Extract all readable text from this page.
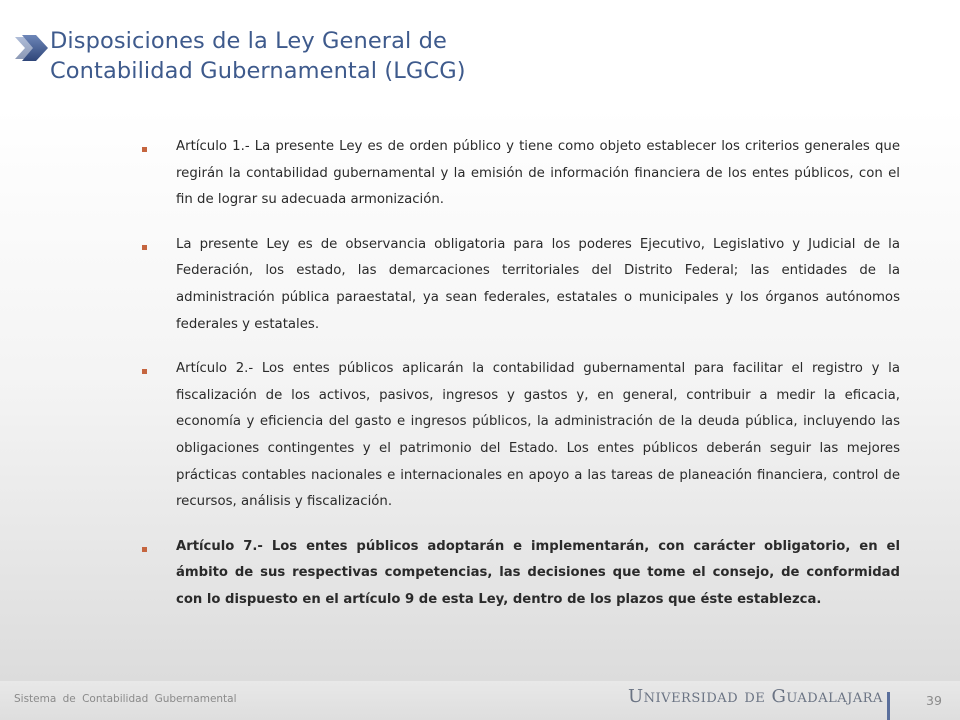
Disposiciones de la Ley General de
Contabilidad Gubernamental (LGCG)
Artículo 1.- La presente Ley es de orden público y tiene como objeto establecer los criterios generales que regirán la contabilidad gubernamental y la emisión de información financiera de los entes públicos, con el fin de lograr su adecuada armonización.
La presente Ley es de observancia obligatoria para los poderes Ejecutivo, Legislativo y Judicial de la Federación, los estado, las demarcaciones territoriales del Distrito Federal; las entidades de la administración pública paraestatal, ya sean federales, estatales o municipales y los órganos autónomos federales y estatales.
Artículo 2.- Los entes públicos aplicarán la contabilidad gubernamental para facilitar el registro y la fiscalización de los activos, pasivos, ingresos y gastos y, en general, contribuir a medir la eficacia, economía y eficiencia del gasto e ingresos públicos, la administración de la deuda pública, incluyendo las obligaciones contingentes y el patrimonio del Estado. Los entes públicos deberán seguir las mejores prácticas contables nacionales e internacionales en apoyo a las tareas de planeación financiera, control de recursos, análisis y fiscalización.
Artículo 7.- Los entes públicos adoptarán e implementarán, con carácter obligatorio, en el ámbito de sus respectivas competencias, las decisiones que tome el consejo, de conformidad con lo dispuesto en el artículo 9 de esta Ley, dentro de los plazos que éste establezca.
Sistema de Contabilidad Gubernamental	Universidad de Guadalajara	39
